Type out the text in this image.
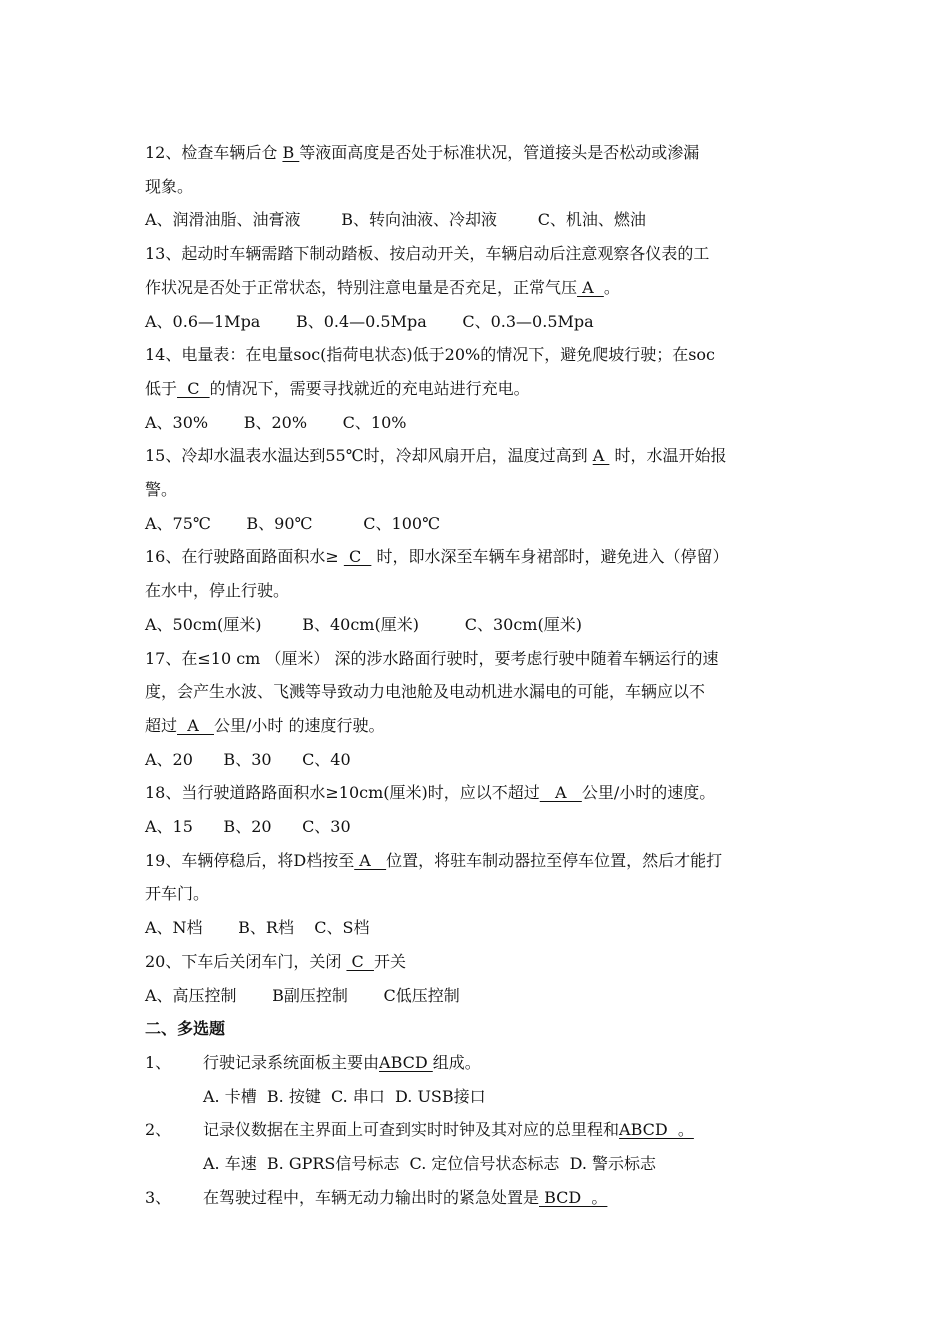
12、检查车辆后仓 B 等液面高度是否处于标准状况，管道接头是否松动或渗漏

现象。

A、润滑油脂、油膏液        B、转向油液、冷却液        C、机油、燃油

13、起动时车辆需踏下制动踏板、按启动开关，车辆启动后注意观察各仪表的工

作状况是否处于正常状态，特别注意电量是否充足，正常气压 A  。

A、0.6—1Mpa       B、0.4—0.5Mpa       C、0.3—0.5Mpa

14、电量表：在电量soc(指荷电状态)低于20%的情况下，避免爬坡行驶；在soc

低于  C  的情况下，需要寻找就近的充电站进行充电。

A、30%       B、20%       C、10%

15、冷却水温表水温达到55℃时，冷却风扇开启，温度过高到 A  时，水温开始报

警。

A、75℃       B、90℃          C、100℃

16、在行驶路面路面积水≥  C   时，即水深至车辆车身裙部时，避免进入（停留）

在水中，停止行驶。

A、50cm(厘米)        B、40cm(厘米)         C、30cm(厘米)

17、在≤10 cm （厘米） 深的涉水路面行驶时，要考虑行驶中随着车辆运行的速

度，会产生水波、飞溅等导致动力电池舱及电动机进水漏电的可能，车辆应以不

超过  A   公里/小时 的速度行驶。

A、20      B、30      C、40

18、当行驶道路路面积水≥10cm(厘米)时，应以不超过   A   公里/小时的速度。

A、15      B、20      C、30

19、车辆停稳后，将D档按至 A   位置，将驻车制动器拉至停车位置，然后才能打

开车门。

A、N档       B、R档    C、S档

20、下车后关闭车门，关闭  C  开关

A、高压控制       B副压控制       C低压控制

二、多选题

1、 行驶记录系统面板主要由ABCD 组成。

A. 卡槽  B. 按键  C. 串口  D. USB接口

2、 记录仪数据在主界面上可查到实时时钟及其对应的总里程和ABCD  。

A. 车速  B. GPRS信号标志  C. 定位信号状态标志  D. 警示标志

3、 在驾驶过程中，车辆无动力输出时的紧急处置是 BCD  。
